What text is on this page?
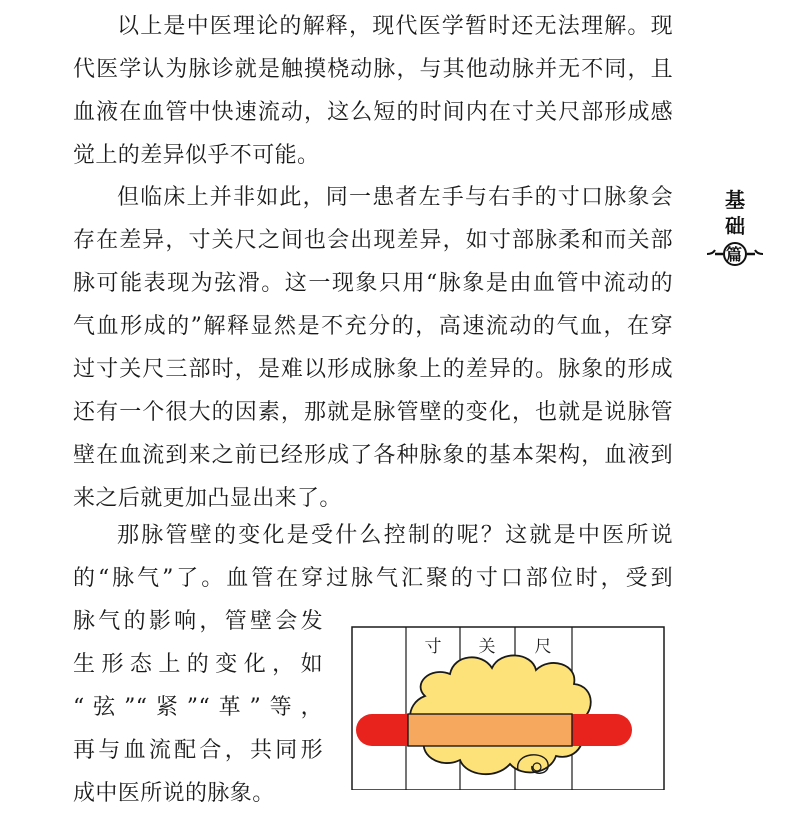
以上是中医理论的解释，现代医学暂时还无法理解。现
代医学认为脉诊就是触摸桡动脉，与其他动脉并无不同，且
血液在血管中快速流动，这么短的时间内在寸关尺部形成感
觉上的差异似乎不可能。
但临床上并非如此，同一患者左手与右手的寸口脉象会
存在差异，寸关尺之间也会出现差异，如寸部脉柔和而关部
脉可能表现为弦滑。这一现象只用“脉象是由血管中流动的
气血形成的”解释显然是不充分的，高速流动的气血，在穿
过寸关尺三部时，是难以形成脉象上的差异的。脉象的形成
还有一个很大的因素，那就是脉管壁的变化，也就是说脉管
壁在血流到来之前已经形成了各种脉象的基本架构，血液到
来之后就更加凸显出来了。
那脉管壁的变化是受什么控制的呢？这就是中医所说
的“脉气”了。血管在穿过脉气汇聚的寸口部位时，受到
脉气的影响，管壁会发
生形态上的变化，如
“弦”“紧”“革”等，
再与血流配合，共同形
成中医所说的脉象。
基
础
篇
寸 关 尺
